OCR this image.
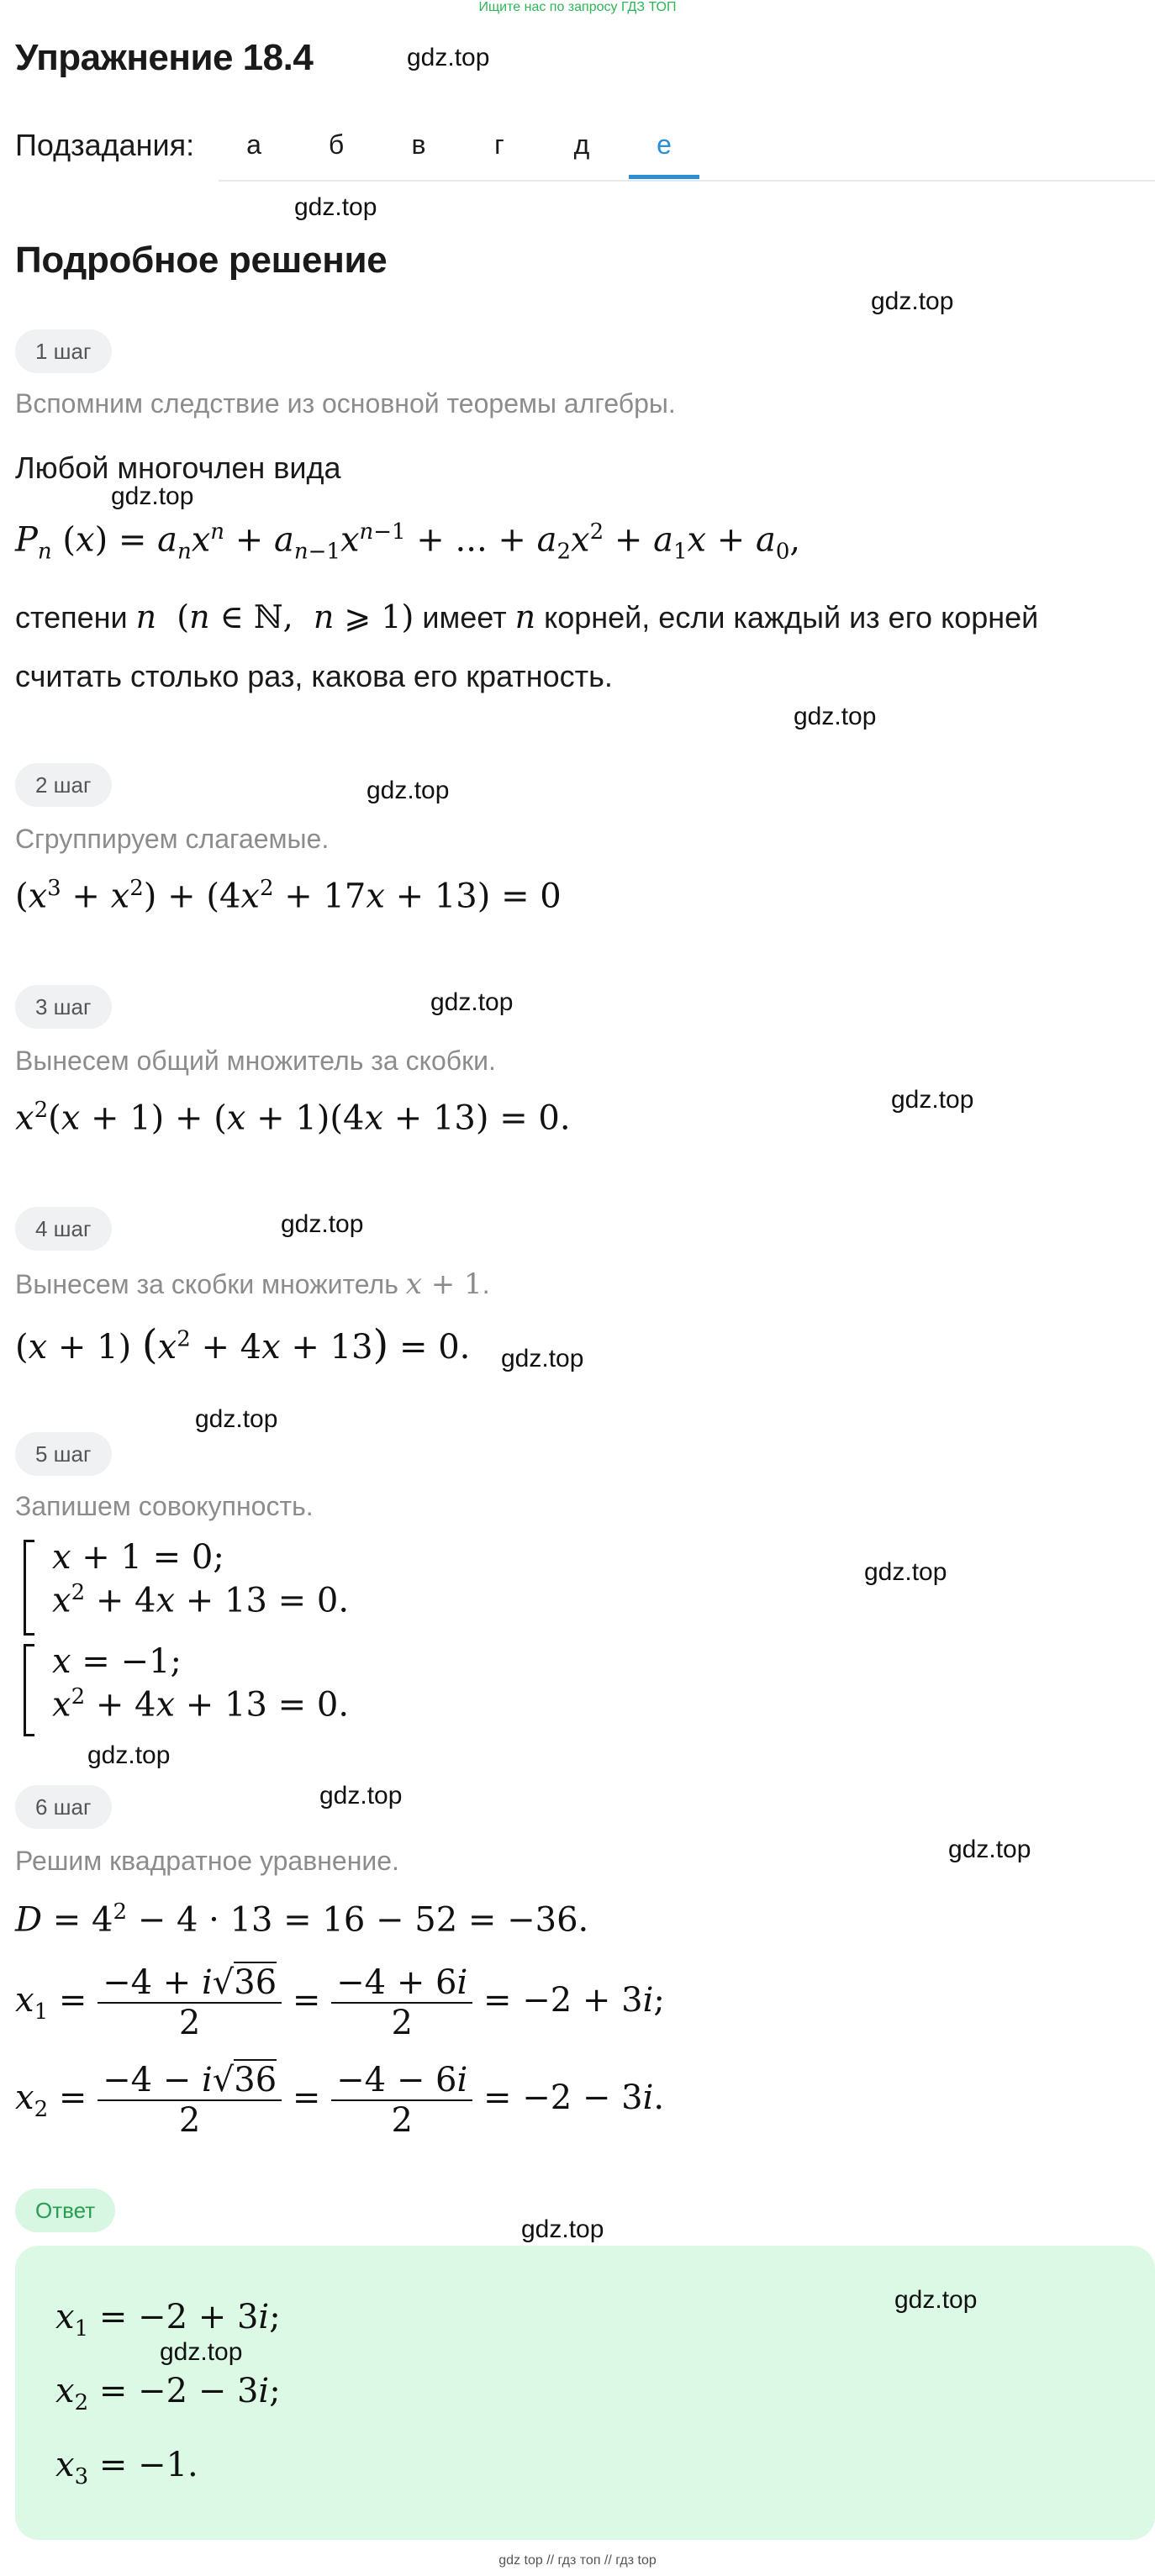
Ищите нас по запросу ГДЗ ТОП
Упражнение 18.4	gdz.top
Подзадания:	а	б	в	г	д	е
gdz.top
Подробное решение
gdz.top
1 шаг
Вспомним следствие из основной теоремы алгебры.
Любой многочлен вида
gdz.top
$P_n$ $(x) = a_nx^n + a_{n-1}x^{n-1}$ + ... + $a_2x^2 + a_1x + a_0$,
степени n  (n ∈ ℕ,  n ⩾ 1) имеет n корней, если каждый из его корней
считать столько раз, какова его кратность.
gdz.top
2 шаг	gdz.top
Сгруппируем слагаемые.
$(x^3 + x^2) + (4x^2 + 17x + 13) = 0$
3 шаг	gdz.top
Вынесем общий множитель за скобки.
gdz.top
$x^2(x + 1) + (x + 1)(4x + 13) = 0$.
4 шаг	gdz.top
Вынесем за скобки множитель x + 1.
(x + 1) $(x^2 + 4x + 13) = 0$. gdz.top
gdz.top
5 шаг
Запишем совокупность.
x + 1 = 0;
$x^2 + 4x + 13 = 0$.
gdz.top
x = −1;
$x^2 + 4x + 13 = 0$.
gdz.top
6 шаг	gdz.top
Решим квадратное уравнение.	gdz.top
$D = 4^2 - 4 \cdot 13 = 16 - 52 = -36$.
$x_1 = \frac{-4 + i√36}{2} = \frac{-4 + 6i}{2} = -2 + 3i$;
$x_2 = \frac{-4 - i√36}{2} = \frac{-4 - 6i}{2} = -2 - 3i$.
Ответ
gdz.top
$x_1 = -2 + 3i$;	gdz.top
gdz.top
$x_2 = -2 - 3i$;
$x_3 = -1$.
gdz top // гдз топ // гдз top
